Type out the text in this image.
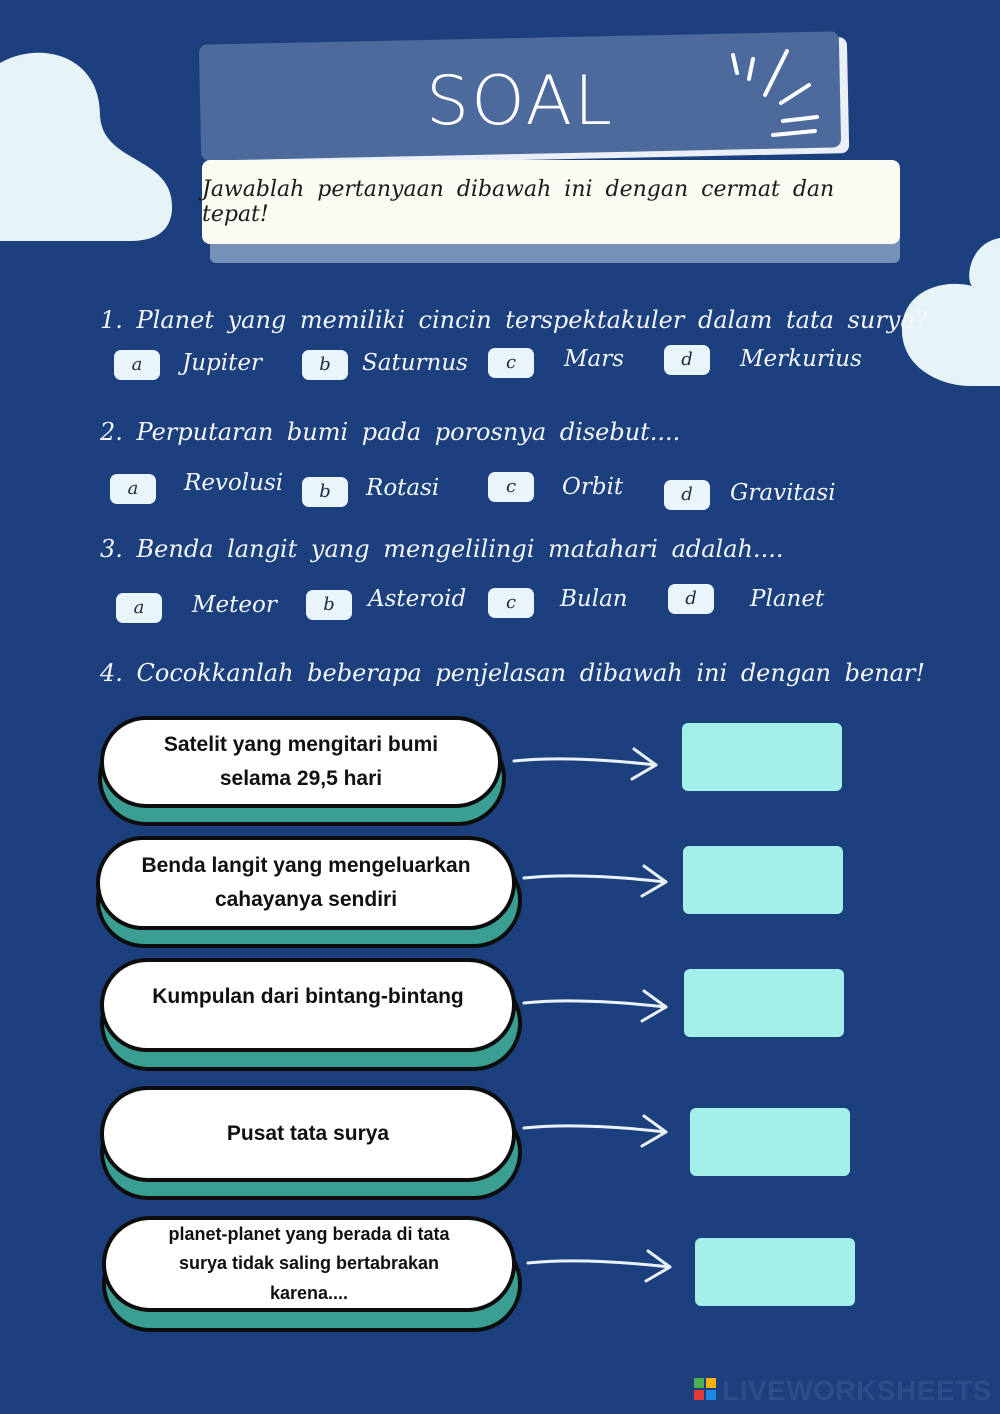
SOAL
Jawablah pertanyaan dibawah ini dengan cermat dan tepat!
1. Planet yang memiliki cincin terspektakuler dalam tata surya?
a	Jupiter	b	Saturnus	c	Mars	d	Merkurius
2. Perputaran bumi pada porosnya disebut....
a	Revolusi	b	Rotasi	c	Orbit	d	Gravitasi
3. Benda langit yang mengelilingi matahari adalah....
a	Meteor	b	Asteroid	c	Bulan	d	Planet
4. Cocokkanlah beberapa penjelasan dibawah ini dengan benar!
Satelit yang mengitari bumi
selama 29,5 hari
Benda langit yang mengeluarkan
cahayanya sendiri
Kumpulan dari bintang-bintang
Pusat tata surya
planet-planet yang berada di tata
surya tidak saling bertabrakan
karena....
LIVEWORKSHEETS
